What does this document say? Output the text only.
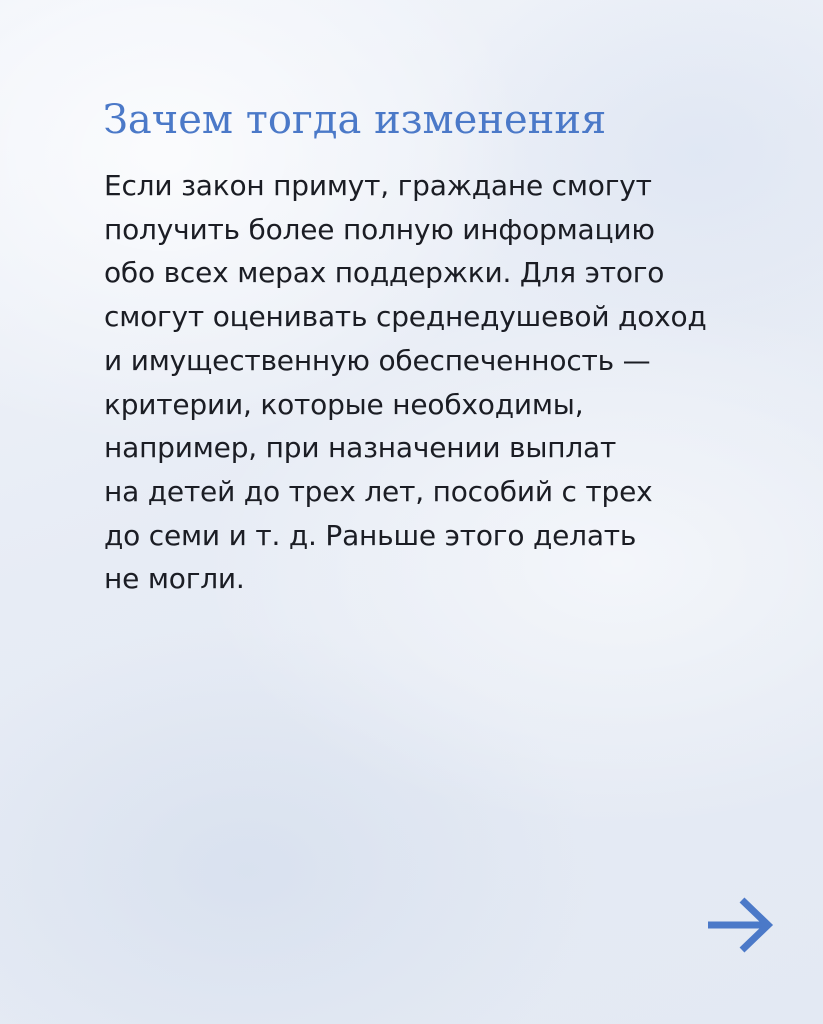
Зачем тогда изменения
Если закон примут, граждане смогут
получить более полную информацию
обо всех мерах поддержки. Для этого
смогут оценивать среднедушевой доход
и имущественную обеспеченность —
критерии, которые необходимы,
например, при назначении выплат
на детей до трех лет, пособий с трех
до семи и т. д. Раньше этого делать
не могли.
